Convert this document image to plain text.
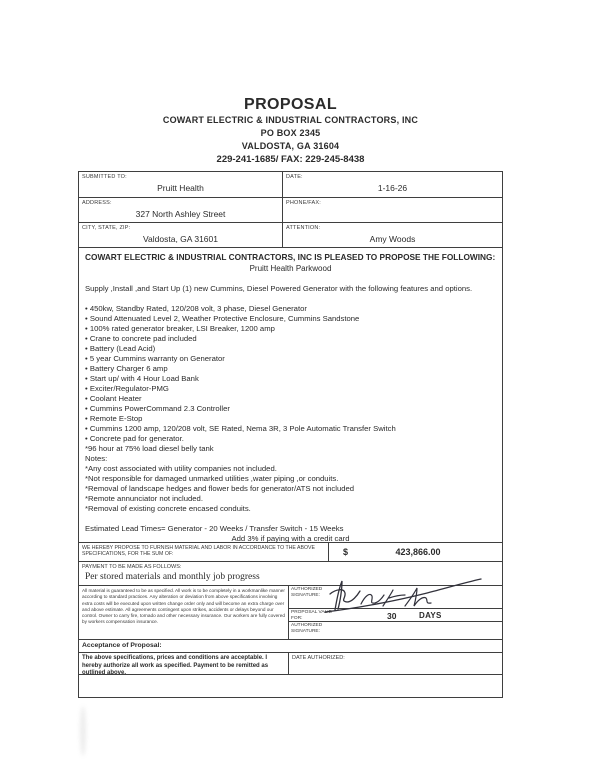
PROPOSAL
COWART ELECTRIC & INDUSTRIAL CONTRACTORS, INC
PO BOX 2345
VALDOSTA, GA 31604
229-241-1685/ FAX: 229-245-8438
SUBMITTED TO:
Pruitt Health
DATE:
1-16-26
ADDRESS:
327 North Ashley Street
PHONE/FAX:
CITY, STATE, ZIP:
Valdosta, GA 31601
ATTENTION:
Amy Woods
COWART ELECTRIC & INDUSTRIAL CONTRACTORS, INC IS PLEASED TO PROPOSE THE FOLLOWING:
Pruitt Health Parkwood
Supply ,Install ,and Start Up (1) new Cummins, Diesel Powered Generator with the following features and options.
• 450kw, Standby Rated, 120/208 volt, 3 phase, Diesel Generator
• Sound Attenuated Level 2, Weather Protective Enclosure, Cummins Sandstone
• 100% rated generator breaker, LSI Breaker, 1200 amp
• Crane to concrete pad included
• Battery (Lead Acid)
• 5 year Cummins warranty on Generator
• Battery Charger 6 amp
• Start up/ with 4 Hour Load Bank
• Exciter/Regulator-PMG
• Coolant Heater
• Cummins PowerCommand 2.3 Controller
• Remote E-Stop
• Cummins 1200 amp, 120/208 volt, SE Rated, Nema 3R, 3 Pole Automatic Transfer Switch
• Concrete pad for generator.
*96 hour at 75% load diesel belly tank
Notes:
*Any cost associated with utility companies not included.
*Not responsible for damaged unmarked utilities ,water piping ,or conduits.
*Removal of landscape hedges and flower beds for generator/ATS not included
*Remote annunciator not included.
*Removal of existing concrete encased conduits.
Estimated Lead Times= Generator - 20 Weeks / Transfer Switch - 15 Weeks
Add 3% if paying with a credit card
WE HEREBY PROPOSE TO FURNISH MATERIAL AND LABOR IN ACCORDANCE TO THE ABOVE SPECIFICATIONS, FOR THE SUM OF:	$	423,866.00
PAYMENT TO BE MADE AS FOLLOWS:
Per stored materials and monthly job progress
All material is guaranteed to be as specified. All work is to be completely in a workmanlike manner according to standard practices. Any alteration or deviation from above specifications involving extra costs will be executed upon written change order only and will become an extra charge over and above estimate. All agreements contingent upon strikes, accidents or delays beyond our control. Owner to carry fire, tornado and other necessary insurance. Our workers are fully covered by workers compensation insurance.
AUTHORIZED SIGNATURE:
PROPOSAL VALID FOR:	30	DAYS
AUTHORIZED SIGNATURE:
Acceptance of Proposal:
The above specifications, prices and conditions are acceptable. I hereby authorize all work as specified. Payment to be remitted as outlined above.
DATE AUTHORIZED:
